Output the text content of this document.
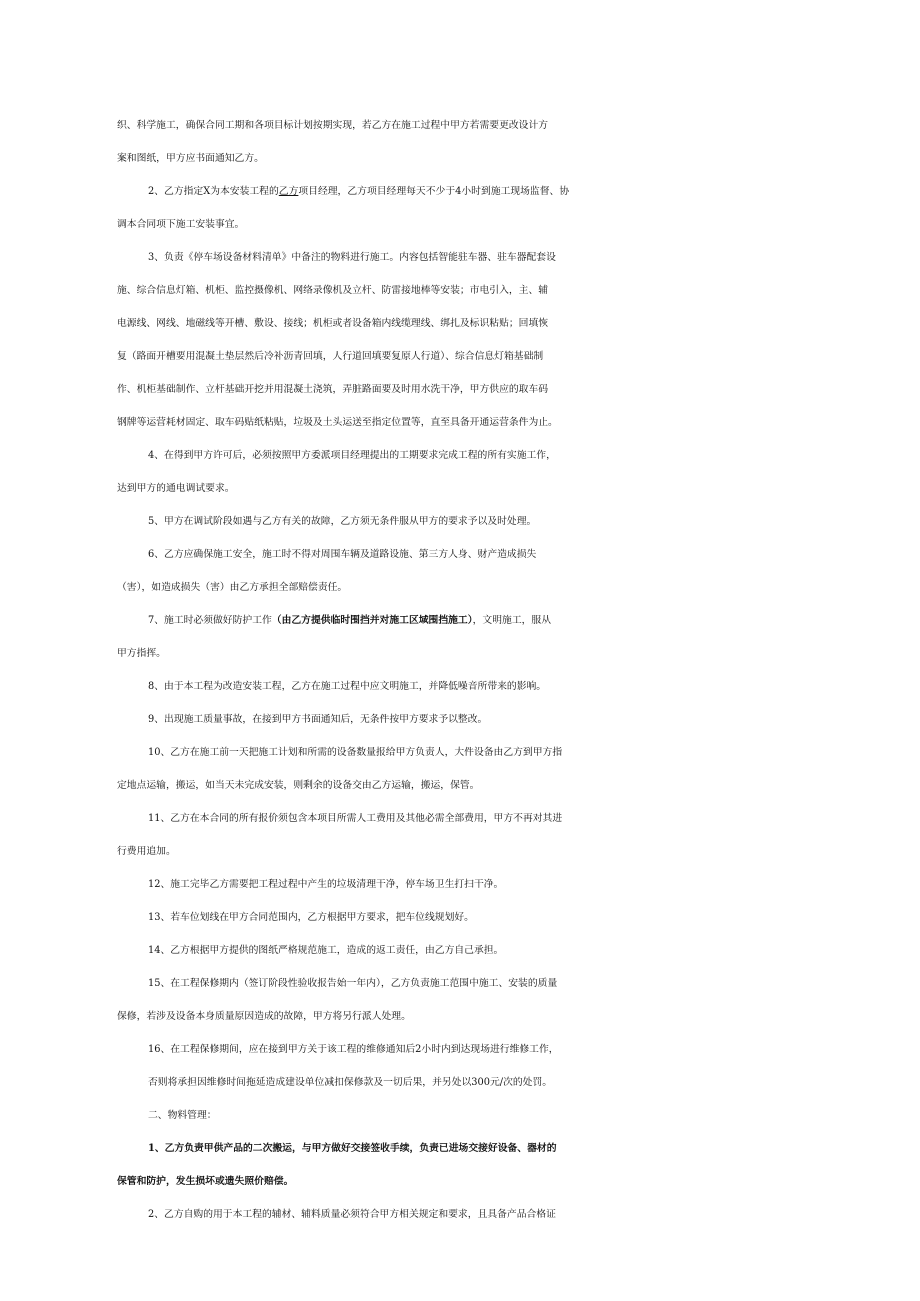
织、科学施工，确保合同工期和各项目标计划按期实现，若乙方在施工过程中甲方若需要更改设计方
案和图纸，甲方应书面通知乙方。
2、乙方指定X为本安装工程的乙方项目经理，乙方项目经理每天不少于4小时到施工现场监督、协
调本合同项下施工安装事宜。
3、负责《停车场设备材料清单》中备注的物料进行施工。内容包括智能驻车器、驻车器配套设
施、综合信息灯箱、机柜、监控摄像机、网络录像机及立杆、防雷接地棒等安装；市电引入，主、辅
电源线、网线、地磁线等开槽、敷设、接线；机柜或者设备箱内线缆理线、绑扎及标识粘贴；回填恢
复（路面开槽要用混凝土垫层然后冷补沥青回填，人行道回填要复原人行道）、综合信息灯箱基础制
作、机柜基础制作、立杆基础开挖并用混凝土浇筑，弄脏路面要及时用水洗干净，甲方供应的取车码
钢牌等运营耗材固定、取车码贴纸粘贴，垃圾及土头运送至指定位置等，直至具备开通运营条件为止。
4、在得到甲方许可后，必须按照甲方委派项目经理提出的工期要求完成工程的所有实施工作，
达到甲方的通电调试要求。
5、甲方在调试阶段如遇与乙方有关的故障，乙方须无条件服从甲方的要求予以及时处理。
6、乙方应确保施工安全，施工时不得对周围车辆及道路设施、第三方人身、财产造成损失
（害），如造成损失（害）由乙方承担全部赔偿责任。
7、施工时必须做好防护工作（由乙方提供临时围挡并对施工区域围挡施工），文明施工，服从
甲方指挥。
8、由于本工程为改造安装工程，乙方在施工过程中应文明施工，并降低噪音所带来的影响。
9、出现施工质量事故，在接到甲方书面通知后，无条件按甲方要求予以整改。
10、乙方在施工前一天把施工计划和所需的设备数量报给甲方负责人，大件设备由乙方到甲方指
定地点运输，搬运，如当天未完成安装，则剩余的设备交由乙方运输，搬运，保管。
11、乙方在本合同的所有报价须包含本项目所需人工费用及其他必需全部费用，甲方不再对其进
行费用追加。
12、施工完毕乙方需要把工程过程中产生的垃圾清理干净，停车场卫生打扫干净。
13、若车位划线在甲方合同范围内，乙方根据甲方要求，把车位线规划好。
14、乙方根据甲方提供的图纸严格规范施工，造成的返工责任，由乙方自己承担。
15、在工程保修期内（签订阶段性验收报告始一年内），乙方负责施工范围中施工、安装的质量
保修，若涉及设备本身质量原因造成的故障，甲方将另行派人处理。
16、在工程保修期间，应在接到甲方关于该工程的维修通知后2小时内到达现场进行维修工作，
否则将承担因维修时间拖延造成建设单位减扣保修款及一切后果，并另处以300元/次的处罚。
二、物料管理：
1、乙方负责甲供产品的二次搬运，与甲方做好交接签收手续，负责已进场交接好设备、器材的
保管和防护，发生损坏或遗失照价赔偿。
2、乙方自购的用于本工程的辅材、辅料质量必须符合甲方相关规定和要求，且具备产品合格证
